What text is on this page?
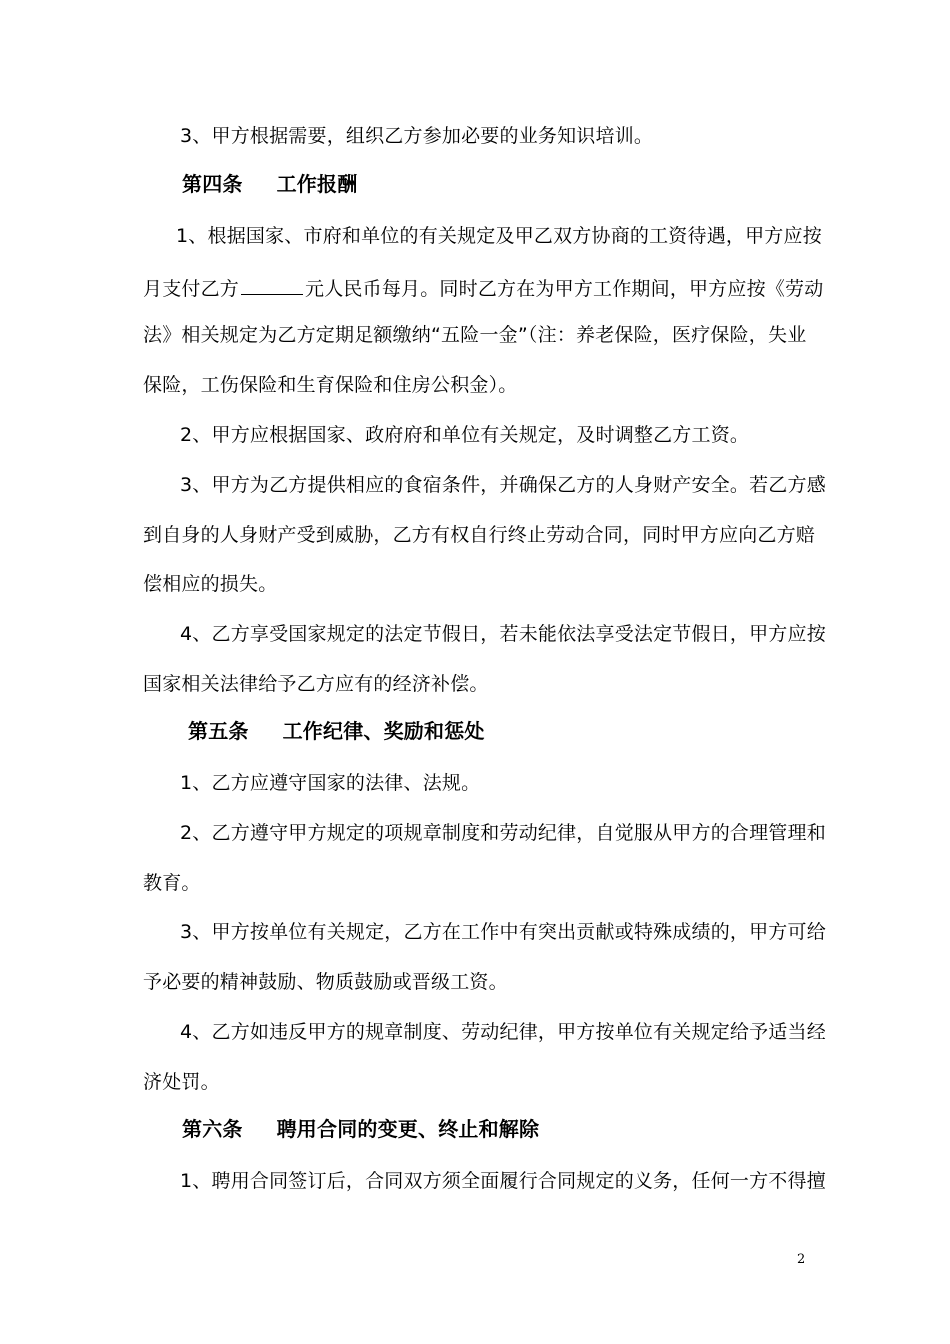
3、甲方根据需要，组织乙方参加必要的业务知识培训。
第四条 工作报酬
1、根据国家、市府和单位的有关规定及甲乙双方协商的工资待遇，甲方应按
月支付乙方	元人民币每月。同时乙方在为甲方工作期间，甲方应按《劳动
法》相关规定为乙方定期足额缴纳“五险一金”（注：养老保险，医疗保险，失业
保险，工伤保险和生育保险和住房公积金）。
2、甲方应根据国家、政府府和单位有关规定，及时调整乙方工资。
3、甲方为乙方提供相应的食宿条件，并确保乙方的人身财产安全。若乙方感
到自身的人身财产受到威胁，乙方有权自行终止劳动合同，同时甲方应向乙方赔
偿相应的损失。
4、乙方享受国家规定的法定节假日，若未能依法享受法定节假日，甲方应按
国家相关法律给予乙方应有的经济补偿。
第五条 工作纪律、奖励和惩处
1、乙方应遵守国家的法律、法规。
2、乙方遵守甲方规定的项规章制度和劳动纪律，自觉服从甲方的合理管理和
教育。
3、甲方按单位有关规定，乙方在工作中有突出贡献或特殊成绩的，甲方可给
予必要的精神鼓励、物质鼓励或晋级工资。
4、乙方如违反甲方的规章制度、劳动纪律，甲方按单位有关规定给予适当经
济处罚。
第六条 聘用合同的变更、终止和解除
1、聘用合同签订后，合同双方须全面履行合同规定的义务，任何一方不得擅
2
